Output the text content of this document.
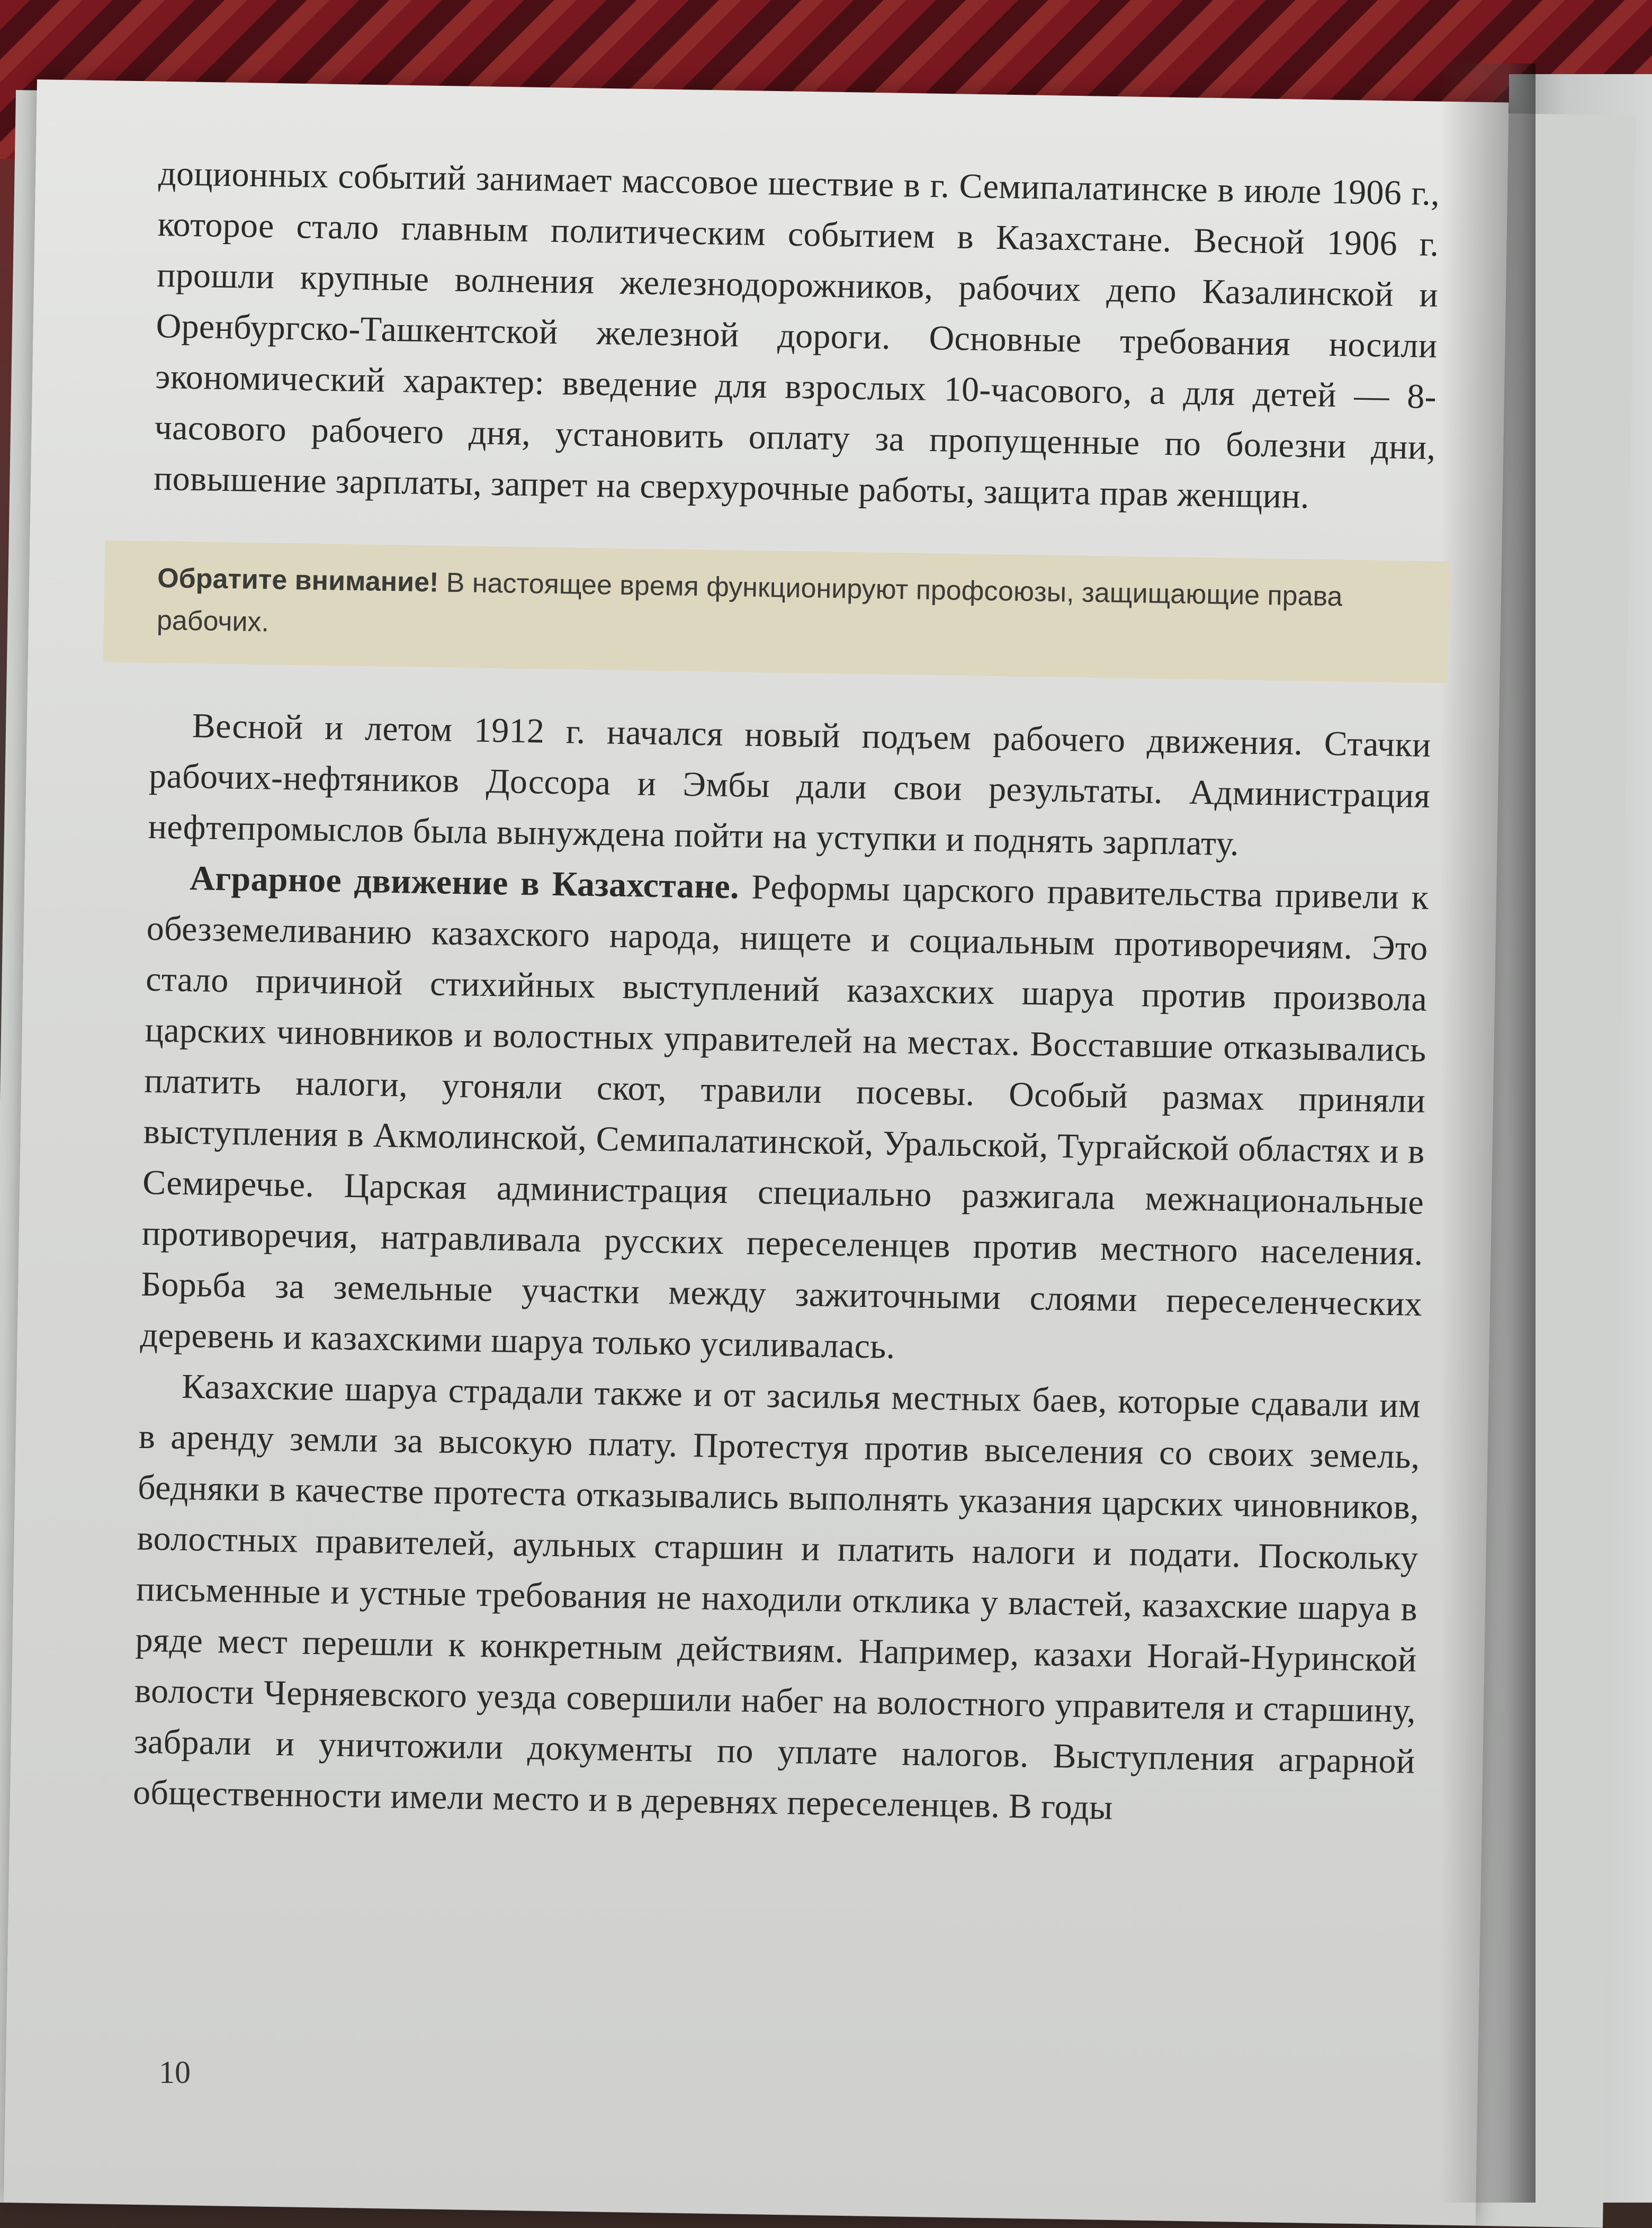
доционных событий занимает массовое шествие в г. Семипалатинске в июле 1906 г., которое стало главным политическим событием в Казахстане. Весной 1906 г. прошли крупные волнения железнодорожников, рабочих депо Казалинской и Оренбургско-Ташкентской железной дороги. Основные требования носили экономический характер: введение для взрослых 10-часового, а для детей — 8-часового рабочего дня, установить оплату за пропущенные по болезни дни, повышение зарплаты, запрет на сверхурочные работы, защита прав женщин.

Обратите внимание! В настоящее время функционируют профсоюзы, защищающие права рабочих.

Весной и летом 1912 г. начался новый подъем рабочего движения. Стачки рабочих-нефтяников Доссора и Эмбы дали свои результаты. Администрация нефтепромыслов была вынуждена пойти на уступки и поднять зарплату.

Аграрное движение в Казахстане. Реформы царского правительства привели к обезземеливанию казахского народа, нищете и социальным противоречиям. Это стало причиной стихийных выступлений казахских шаруа против произвола царских чиновников и волостных управителей на местах. Восставшие отказывались платить налоги, угоняли скот, травили посевы. Особый размах приняли выступления в Акмолинской, Семипалатинской, Уральской, Тургайской областях и в Семиречье. Царская администрация специально разжигала межнациональные противоречия, натравливала русских переселенцев против местного населения. Борьба за земельные участки между зажиточными слоями переселенческих деревень и казахскими шаруа только усиливалась.

Казахские шаруа страдали также и от засилья местных баев, которые сдавали им в аренду земли за высокую плату. Протестуя против выселения со своих земель, бедняки в качестве протеста отказывались выполнять указания царских чиновников, волостных правителей, аульных старшин и платить налоги и подати. Поскольку письменные и устные требования не находили отклика у властей, казахские шаруа в ряде мест перешли к конкретным действиям. Например, казахи Ногай-Нуринской волости Черняевского уезда совершили набег на волостного управителя и старшину, забрали и уничтожили документы по уплате налогов. Выступления аграрной общественности имели место и в деревнях переселенцев. В годы

10
